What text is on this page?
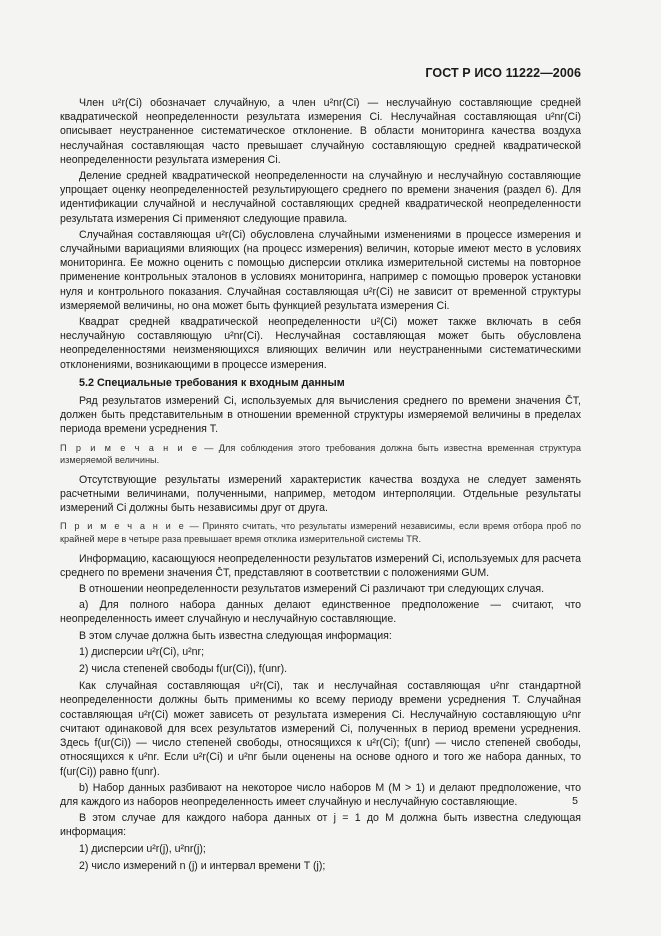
ГОСТ Р ИСО 11222—2006

Член u²r(Ci) обозначает случайную, а член u²nr(Ci) — неслучайную составляющие средней квадратической неопределенности результата измерения Ci. Неслучайная составляющая u²nr(Ci) описывает неустраненное систематическое отклонение. В области мониторинга качества воздуха неслучайная составляющая часто превышает случайную составляющую средней квадратической неопределенности результата измерения Ci.

Деление средней квадратической неопределенности на случайную и неслучайную составляющие упрощает оценку неопределенностей результирующего среднего по времени значения (раздел 6). Для идентификации случайной и неслучайной составляющих средней квадратической неопределенности результата измерения Ci применяют следующие правила.

Случайная составляющая u²r(Ci) обусловлена случайными изменениями в процессе измерения и случайными вариациями влияющих (на процесс измерения) величин, которые имеют место в условиях мониторинга. Ее можно оценить с помощью дисперсии отклика измерительной системы на повторное применение контрольных эталонов в условиях мониторинга, например с помощью проверок установки нуля и контрольного показания. Случайная составляющая u²r(Ci) не зависит от временной структуры измеряемой величины, но она может быть функцией результата измерения Ci.

Квадрат средней квадратической неопределенности u²(Ci) может также включать в себя неслучайную составляющую u²nr(Ci). Неслучайная составляющая может быть обусловлена неопределенностями неизменяющихся влияющих величин или неустраненными систематическими отклонениями, возникающими в процессе измерения.

5.2 Специальные требования к входным данным

Ряд результатов измерений Ci, используемых для вычисления среднего по времени значения C̄T, должен быть представительным в отношении временной структуры измеряемой величины в пределах периода времени усреднения T.

П р и м е ч а н и е — Для соблюдения этого требования должна быть известна временная структура измеряемой величины.

Отсутствующие результаты измерений характеристик качества воздуха не следует заменять расчетными величинами, полученными, например, методом интерполяции. Отдельные результаты измерений Ci должны быть независимы друг от друга.

П р и м е ч а н и е — Принято считать, что результаты измерений независимы, если время отбора проб по крайней мере в четыре раза превышает время отклика измерительной системы TR.

Информацию, касающуюся неопределенности результатов измерений Ci, используемых для расчета среднего по времени значения C̄T, представляют в соответствии с положениями GUM.

В отношении неопределенности результатов измерений Ci различают три следующих случая.

а) Для полного набора данных делают единственное предположение — считают, что неопределенность имеет случайную и неслучайную составляющие.

В этом случае должна быть известна следующая информация:

1) дисперсии u²r(Ci), u²nr;

2) числа степеней свободы f(ur(Ci)), f(unr).

Как случайная составляющая u²r(Ci), так и неслучайная составляющая u²nr стандартной неопределенности должны быть применимы ко всему периоду времени усреднения T. Случайная составляющая u²r(Ci) может зависеть от результата измерения Ci. Неслучайную составляющую u²nr считают одинаковой для всех результатов измерений Ci, полученных в период времени усреднения. Здесь f(ur(Ci)) — число степеней свободы, относящихся к u²r(Ci); f(unr) — число степеней свободы, относящихся к u²nr. Если u²r(Ci) и u²nr были оценены на основе одного и того же набора данных, то f(ur(Ci)) равно f(unr).

b) Набор данных разбивают на некоторое число наборов M (M > 1) и делают предположение, что для каждого из наборов неопределенность имеет случайную и неслучайную составляющие.

В этом случае для каждого набора данных от j = 1 до M должна быть известна следующая информация:

1) дисперсии u²r(j), u²nr(j);

2) число измерений n (j) и интервал времени T (j);

5
